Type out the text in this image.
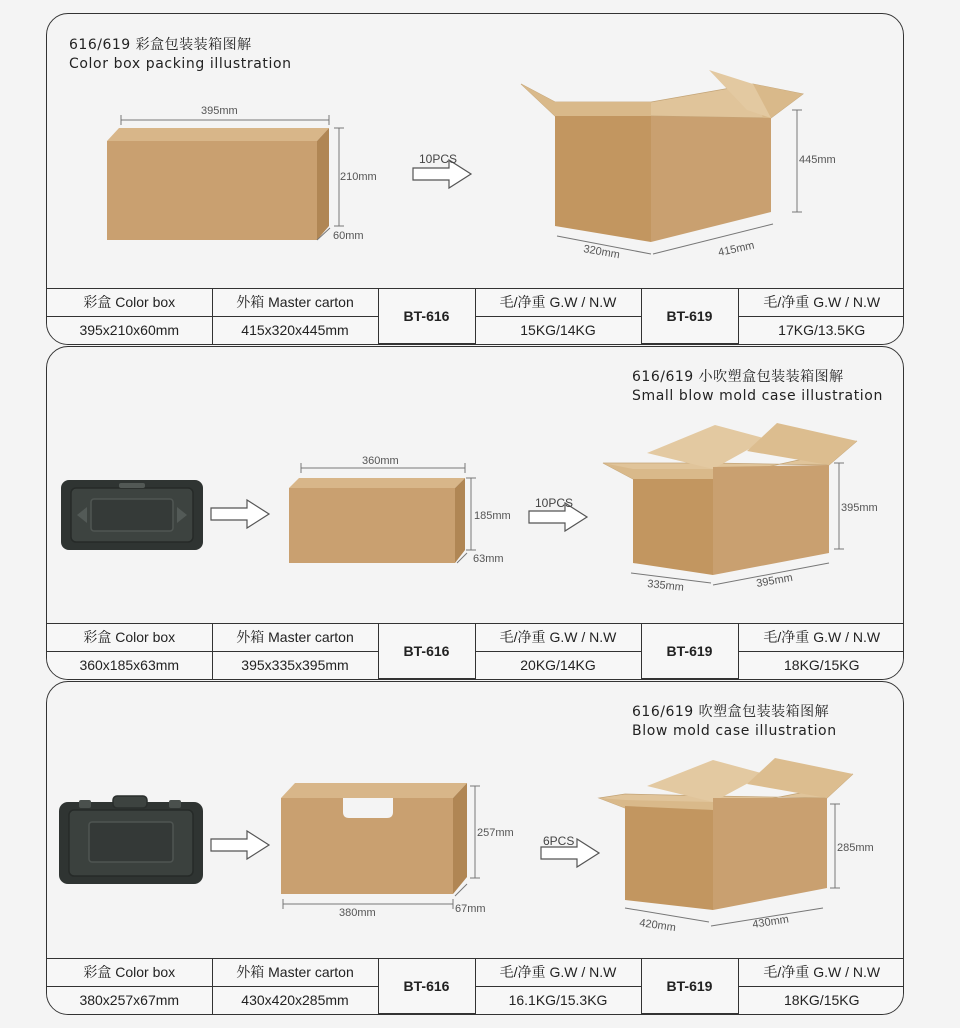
616/619 彩盒包装装箱图解
Color box packing illustration
395mm
210mm
60mm
10PCS	445mm
320mm	415mm
彩盒 Color box	外箱 Master carton	BT-616	毛/净重 G.W / N.W	BT-619	毛/净重 G.W / N.W
395x210x60mm	415x320x445mm		15KG/14KG		17KG/13.5KG
616/619 小吹塑盒包装装箱图解
Small blow mold case illustration
360mm
185mm
63mm
10PCS	395mm
335mm	395mm
彩盒 Color box	外箱 Master carton	BT-616	毛/净重 G.W / N.W	BT-619	毛/净重 G.W / N.W
360x185x63mm	395x335x395mm		20KG/14KG		18KG/15KG
616/619 吹塑盒包装装箱图解
Blow mold case illustration
257mm
380mm	67mm
6PCS	285mm
420mm	430mm
彩盒 Color box	外箱 Master carton	BT-616	毛/净重 G.W / N.W	BT-619	毛/净重 G.W / N.W
380x257x67mm	430x420x285mm		16.1KG/15.3KG		18KG/15KG
